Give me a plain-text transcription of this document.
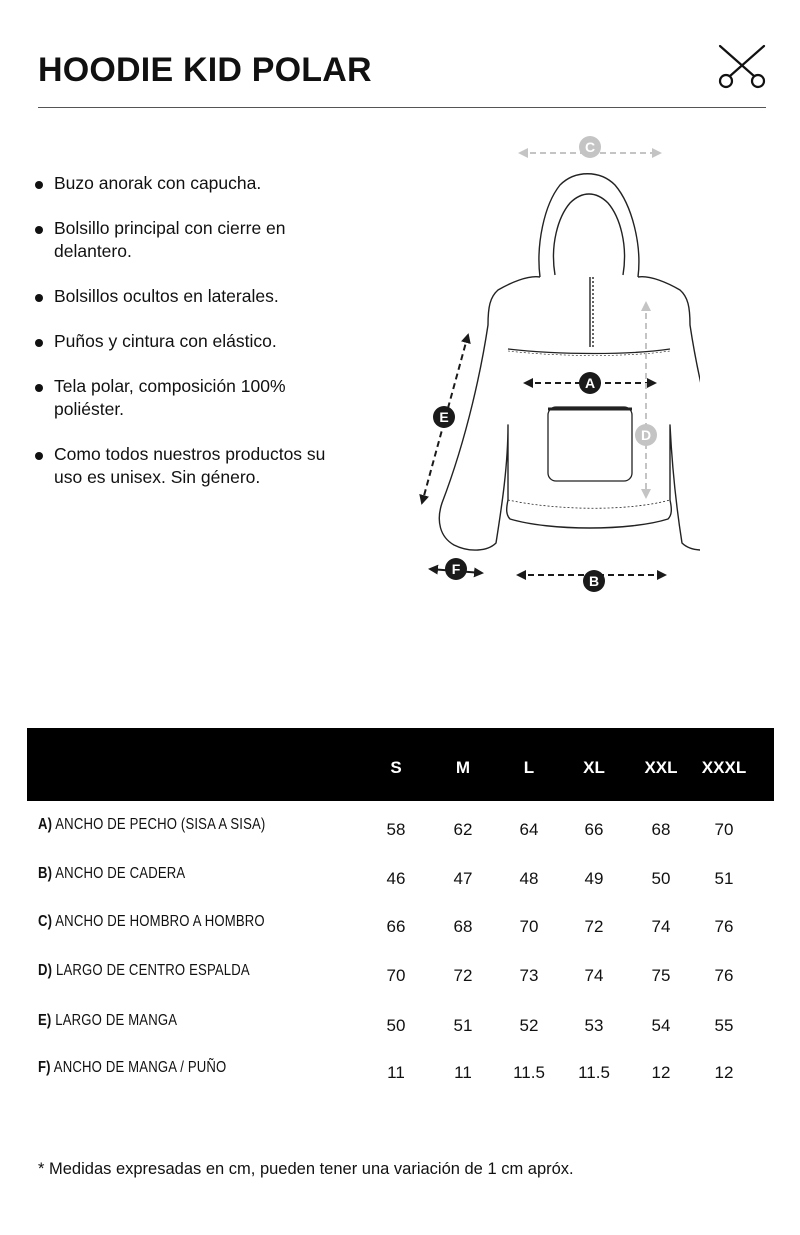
HOODIE KID POLAR
Buzo anorak con capucha.
Bolsillo principal con cierre en delantero.
Bolsillos ocultos en laterales.
Puños y cintura con elástico.
Tela polar, composición 100% poliéster.
Como todos nuestros productos su uso es unisex. Sin género.
C
A
D
E
B
F
S	M	L	XL	XXL	XXXL
A) ANCHO DE PECHO (SISA A SISA)	58	62	64	66	68	70
B) ANCHO DE CADERA	46	47	48	49	50	51
C) ANCHO DE HOMBRO A HOMBRO	66	68	70	72	74	76
D) LARGO DE CENTRO ESPALDA	70	72	73	74	75	76
E) LARGO DE MANGA	50	51	52	53	54	55
F) ANCHO DE MANGA / PUÑO	11	11	11.5	11.5	12	12
* Medidas expresadas en cm, pueden tener una variación de 1 cm apróx.
